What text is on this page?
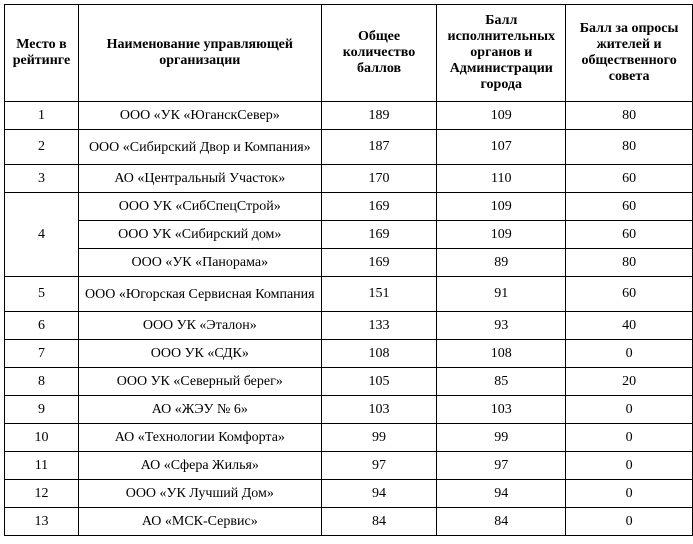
Место в рейтинге	Наименование управляющей организации	Общее количество баллов	Балл исполнительных органов и Администрации города	Балл за опросы жителей и общественного совета
1	ООО «УК «ЮганскСевер»	189	109	80
2	ООО «Сибирский Двор и Компания»	187	107	80
3	АО «Центральный Участок»	170	110	60
4	ООО УК «СибСпецСтрой»	169	109	60
	ООО УК «Сибирский дом»	169	109	60
	ООО «УК «Панорама»	169	89	80
5	ООО «Югорская Сервисная Компания	151	91	60
6	ООО УК «Эталон»	133	93	40
7	ООО УК «СДК»	108	108	0
8	ООО УК «Северный берег»	105	85	20
9	АО «ЖЭУ № 6»	103	103	0
10	АО «Технологии Комфорта»	99	99	0
11	АО «Сфера Жилья»	97	97	0
12	ООО «УК Лучший Дом»	94	94	0
13	АО «МСК-Сервис»	84	84	0
